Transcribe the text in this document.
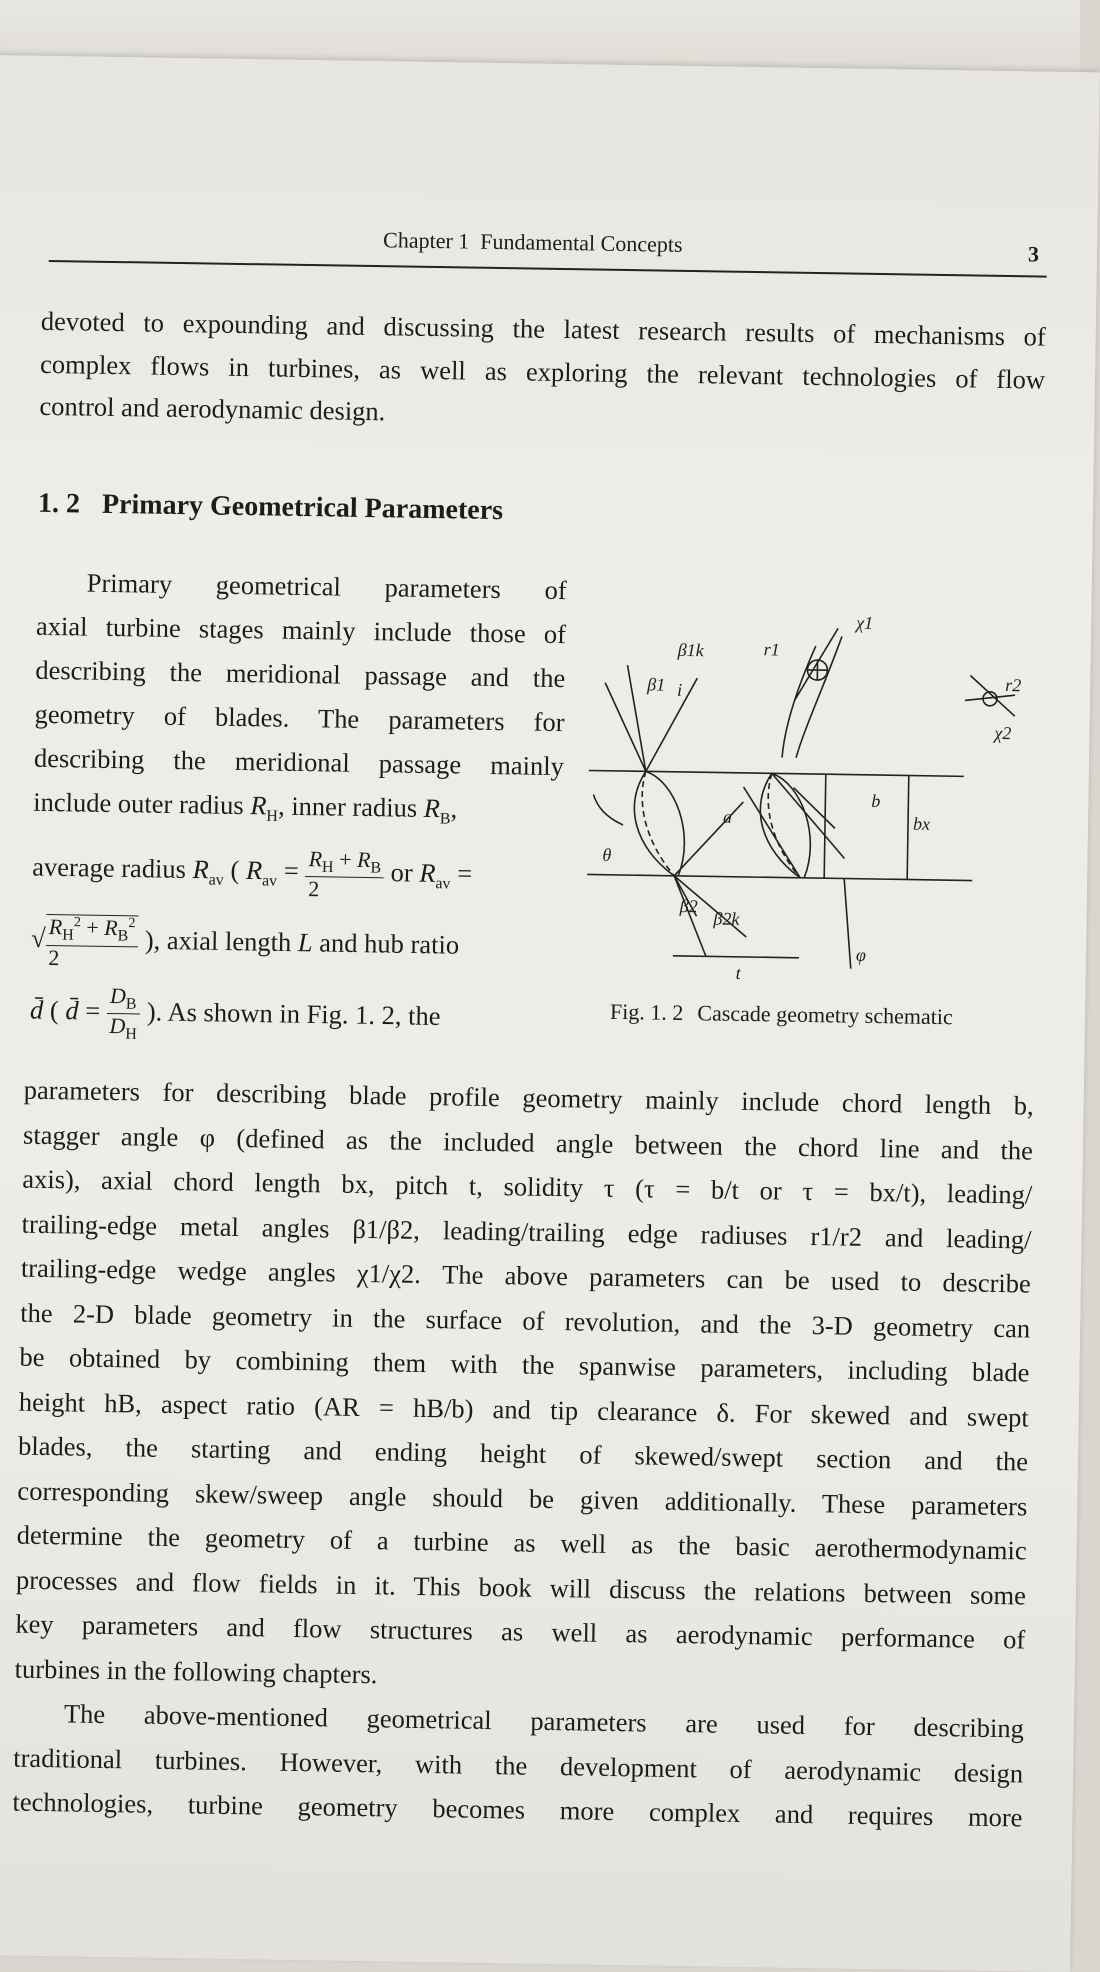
Chapter 1 Fundamental Concepts	3
devoted to expounding and discussing the latest research results of mechanisms of
complex flows in turbines, as well as exploring the relevant technologies of flow
control and aerodynamic design.
1. 2 Primary Geometrical Parameters
Primary geometrical parameters of
axial turbine stages mainly include those of
describing the meridional passage and the
geometry of blades. The parameters for
describing the meridional passage mainly
include outer radius $R_H$, inner radius $R_B$,
average radius $R_{av}$ ( $R_{av} = \frac{R_H + R_B}{2}$ or $R_{av}$ =
√ $\frac{R_H^2 + R_B^2}{2}$ ), axial length L and hub ratio
d̄ ( d̄ = $\frac{D_B}{D_H}$ ). As shown in Fig. 1. 2, the
β1k
β1 i
r1
χ1
r2
χ2
a
b
bx
θ
β2
β2k
t
φ
Fig. 1. 2 Cascade geometry schematic
parameters for describing blade profile geometry mainly include chord length b,
stagger angle φ (defined as the included angle between the chord line and the
axis), axial chord length bx, pitch t, solidity τ (τ = b/t or τ = bx/t), leading/
trailing-edge metal angles β1/β2, leading/trailing edge radiuses r1/r2 and leading/
trailing-edge wedge angles χ1/χ2. The above parameters can be used to describe
the 2-D blade geometry in the surface of revolution, and the 3-D geometry can
be obtained by combining them with the spanwise parameters, including blade
height hB, aspect ratio (AR = hB/b) and tip clearance δ. For skewed and swept
blades, the starting and ending height of skewed/swept section and the
corresponding skew/sweep angle should be given additionally. These parameters
determine the geometry of a turbine as well as the basic aerothermodynamic
processes and flow fields in it. This book will discuss the relations between some
key parameters and flow structures as well as aerodynamic performance of
turbines in the following chapters.
The above-mentioned geometrical parameters are used for describing
traditional turbines. However, with the development of aerodynamic design
technologies, turbine geometry becomes more complex and requires more
